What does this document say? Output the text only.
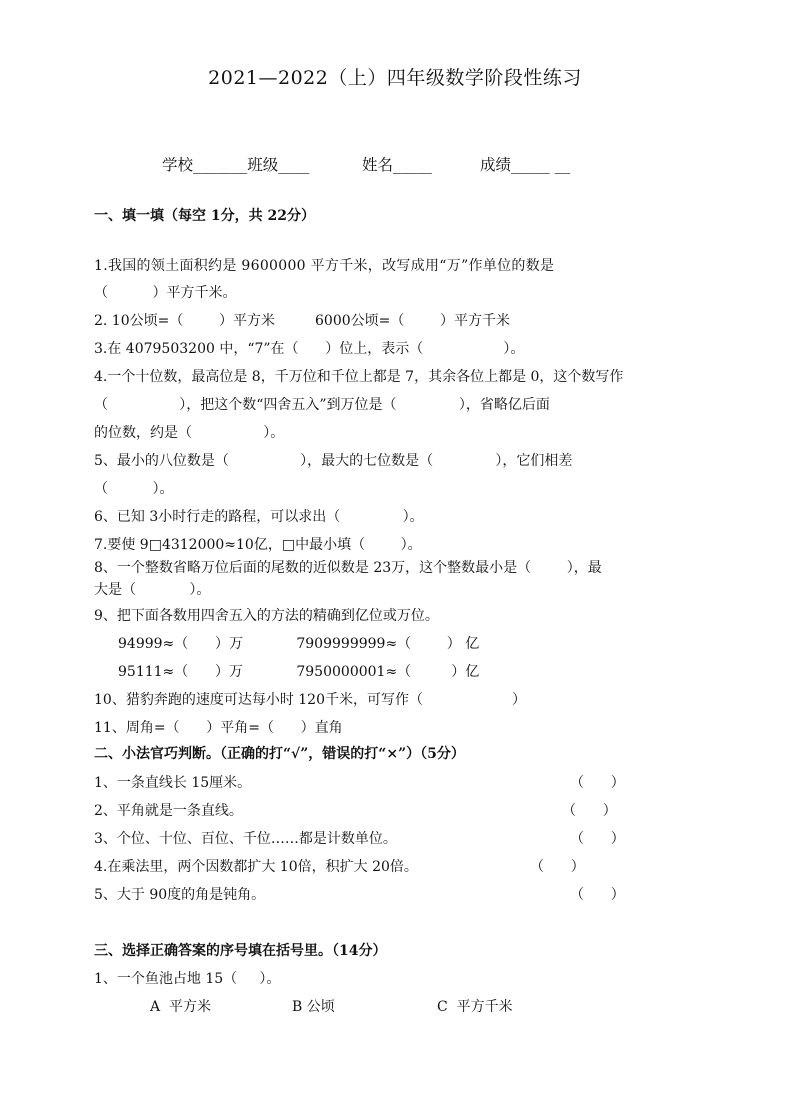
2021—2022（上）四年级数学阶段性练习
学校_______班级____	姓名_____	成绩_____ __
一、填一填（每空 1分，共 22分）
1.我国的领土面积约是 9600000 平方千米，改写成用“万”作单位的数是
（          ）平方千米。
2. 10公顷=（        ）平方米         6000公顷=（        ）平方千米
3.在 4079503200 中，“7”在（      ）位上，表示（                  ）。
4.一个十位数，最高位是 8，千万位和千位上都是 7，其余各位上都是 0，这个数写作
（                ），把这个数“四舍五入”到万位是（              ），省略亿后面
的位数，约是（                ）。
5、最小的八位数是（                ），最大的七位数是（              ），它们相差
（          ）。
6、已知 3小时行走的路程，可以求出（              ）。
7.要使 9□4312000≈10亿，□中最小填（        ）。
8、一个整数省略万位后面的尾数的近似数是 23万，这个整数最小是（        ），最
大是（            ）。
9、把下面各数用四舍五入的方法的精确到亿位或万位。
94999≈（      ）万            7909999999≈（        ） 亿
95111≈（      ）万            7950000001≈（         ）亿
10、猎豹奔跑的速度可达每小时 120千米，可写作（                    ）
11、周角=（      ）平角=（      ）直角
二、小法官巧判断。（正确的打“√”，错误的打“×”）（5分）
1、一条直线长 15厘米。	（      ）
2、平角就是一条直线。	（      ）
3、个位、十位、百位、千位……都是计数单位。	（      ）
4.在乘法里，两个因数都扩大 10倍，积扩大 20倍。	（      ）
5、大于 90度的角是钝角。	（      ）
三、选择正确答案的序号填在括号里。（14分）
1、一个鱼池占地 15（     ）。
A  平方米	B 公顷	C  平方千米
